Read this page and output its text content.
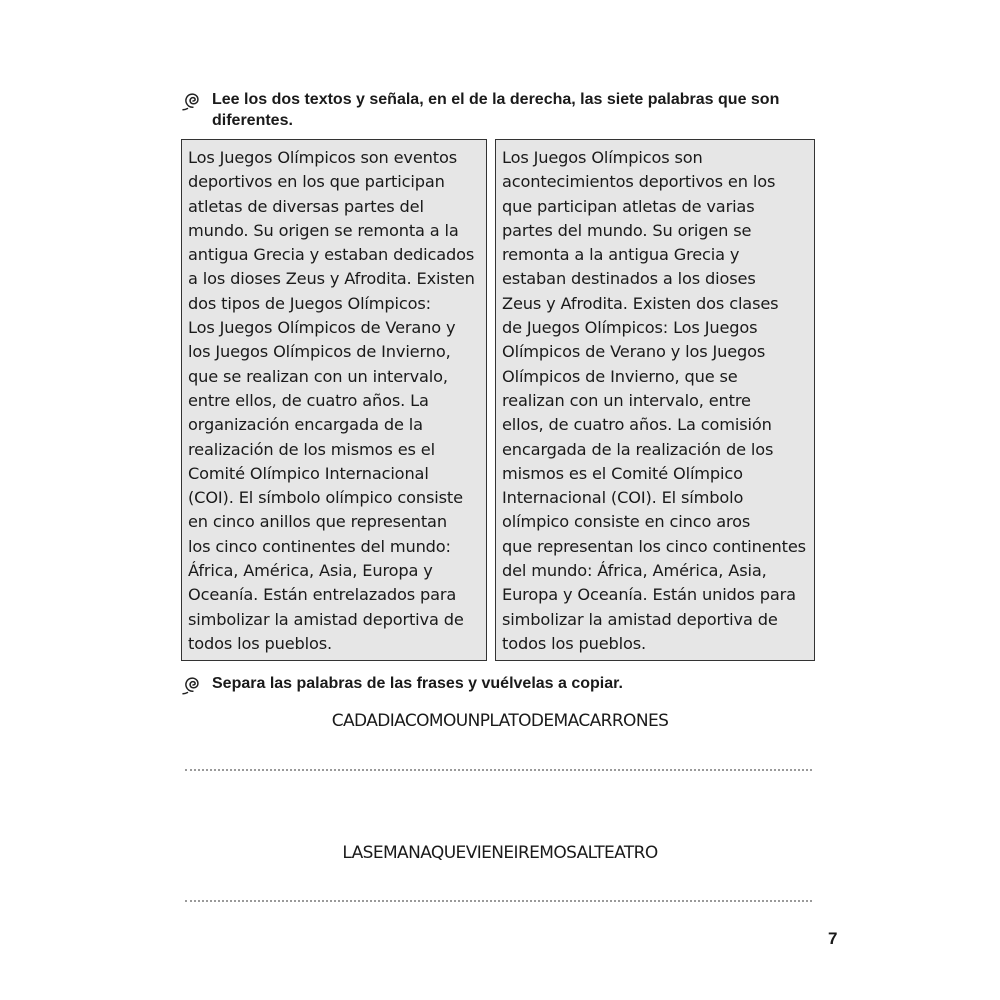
Lee los dos textos y señala, en el de la derecha, las siete palabras que son
diferentes.
Los Juegos Olímpicos son eventos
deportivos en los que participan
atletas de diversas partes del
mundo. Su origen se remonta a la
antigua Grecia y estaban dedicados
a los dioses Zeus y Afrodita. Existen
dos tipos de Juegos Olímpicos:
Los Juegos Olímpicos de Verano y
los Juegos Olímpicos de Invierno,
que se realizan con un intervalo,
entre ellos, de cuatro años. La
organización encargada de la
realización de los mismos es el
Comité Olímpico Internacional
(COI). El símbolo olímpico consiste
en cinco anillos que representan
los cinco continentes del mundo:
África, América, Asia, Europa y
Oceanía. Están entrelazados para
simbolizar la amistad deportiva de
todos los pueblos.
Los Juegos Olímpicos son
acontecimientos deportivos en los
que participan atletas de varias
partes del mundo. Su origen se
remonta a la antigua Grecia y
estaban destinados a los dioses
Zeus y Afrodita. Existen dos clases
de Juegos Olímpicos: Los Juegos
Olímpicos de Verano y los Juegos
Olímpicos de Invierno, que se
realizan con un intervalo, entre
ellos, de cuatro años. La comisión
encargada de la realización de los
mismos es el Comité Olímpico
Internacional (COI). El símbolo
olímpico consiste en cinco aros
que representan los cinco continentes
del mundo: África, América, Asia,
Europa y Oceanía. Están unidos para
simbolizar la amistad deportiva de
todos los pueblos.
Separa las palabras de las frases y vuélvelas a copiar.
CADADIACOMOUNPLATODEMACARRONES
LASEMANAQUEVIENEIREMOSALTEATRO
7
